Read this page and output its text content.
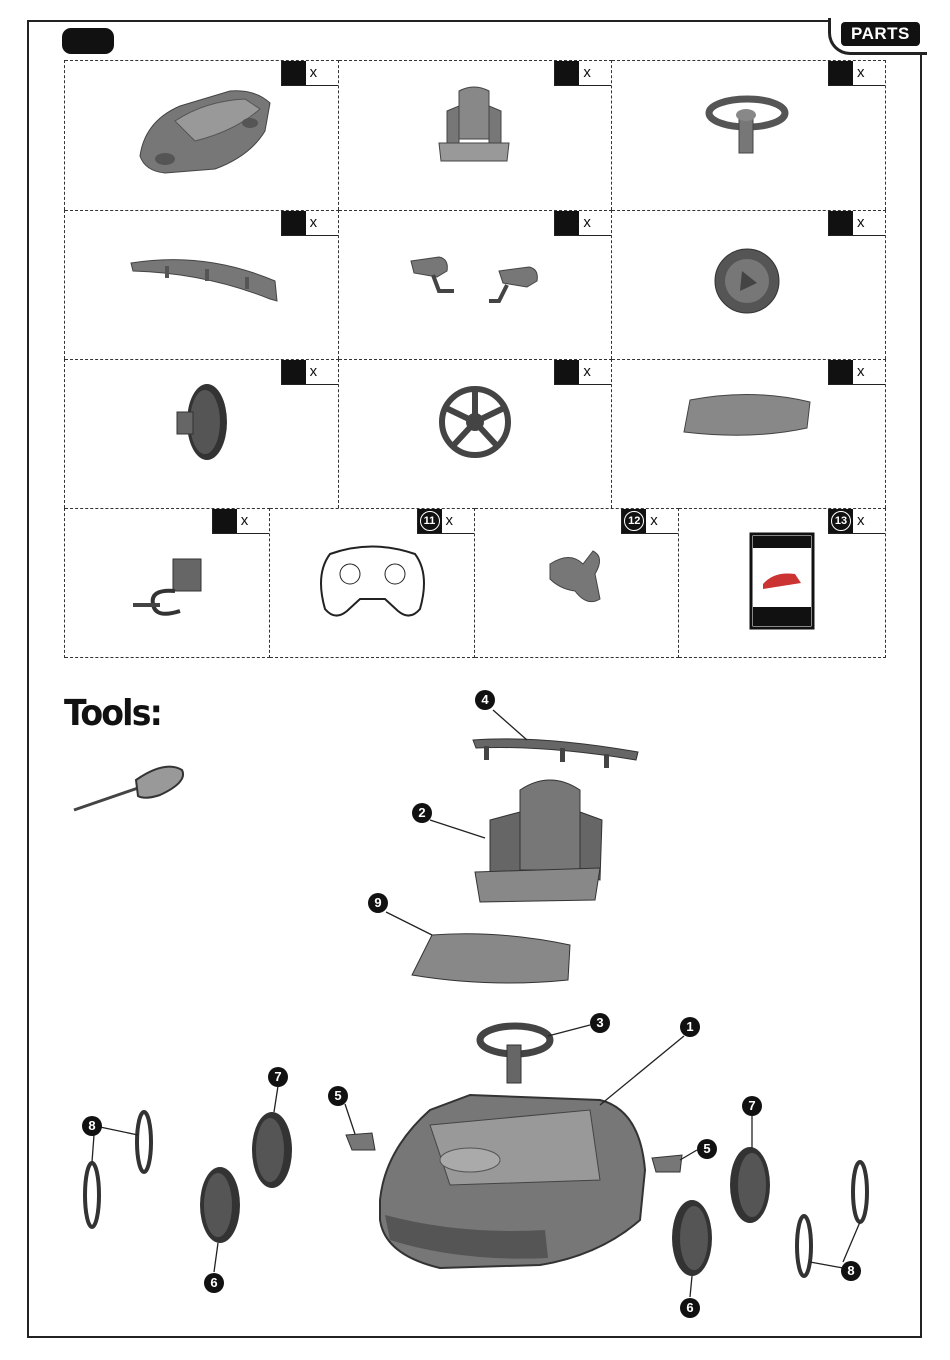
PARTS
x	x	x
x	x	x
x	x	x
x	11 x	12 x	13 x
Tools:	4
2
9
3	1
7
5
8
6
7
5
8
6
